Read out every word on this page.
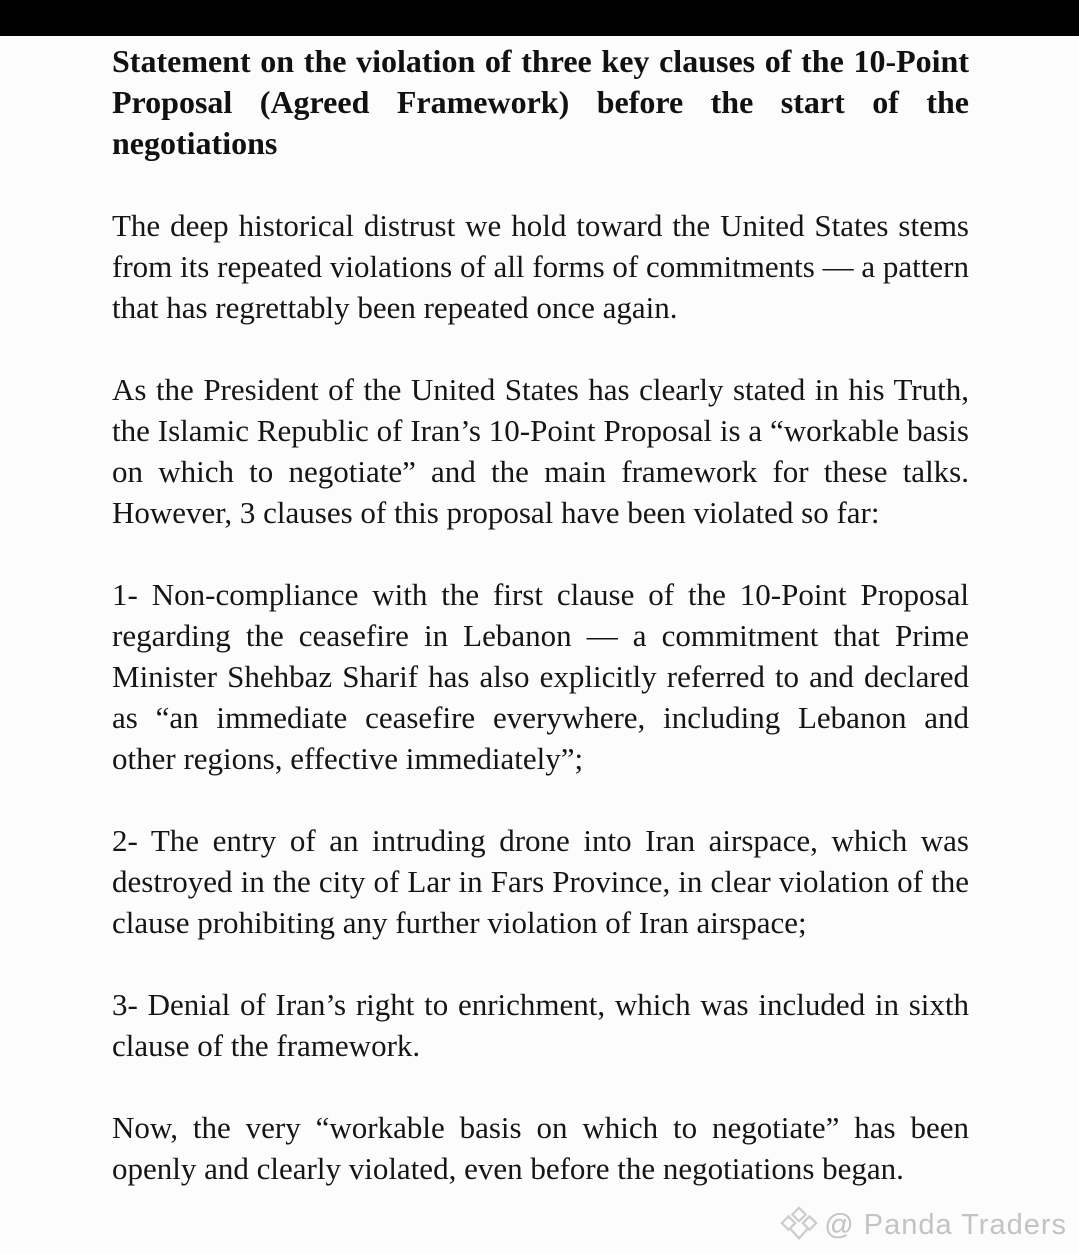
Statement on the violation of three key clauses of the 10-Point Proposal (Agreed Framework) before the start of the negotiations

The deep historical distrust we hold toward the United States stems from its repeated violations of all forms of commitments — a pattern that has regrettably been repeated once again.

As the President of the United States has clearly stated in his Truth, the Islamic Republic of Iran’s 10-Point Proposal is a “workable basis on which to negotiate” and the main framework for these talks. However, 3 clauses of this proposal have been violated so far:

1- Non-compliance with the first clause of the 10-Point Proposal regarding the ceasefire in Lebanon — a commitment that Prime Minister Shehbaz Sharif has also explicitly referred to and declared as “an immediate ceasefire everywhere, including Lebanon and other regions, effective immediately”;

2- The entry of an intruding drone into Iran airspace, which was destroyed in the city of Lar in Fars Province, in clear violation of the clause prohibiting any further violation of Iran airspace;

3- Denial of Iran’s right to enrichment, which was included in sixth clause of the framework.

Now, the very “workable basis on which to negotiate” has been openly and clearly violated, even before the negotiations began.

@ Panda Traders
